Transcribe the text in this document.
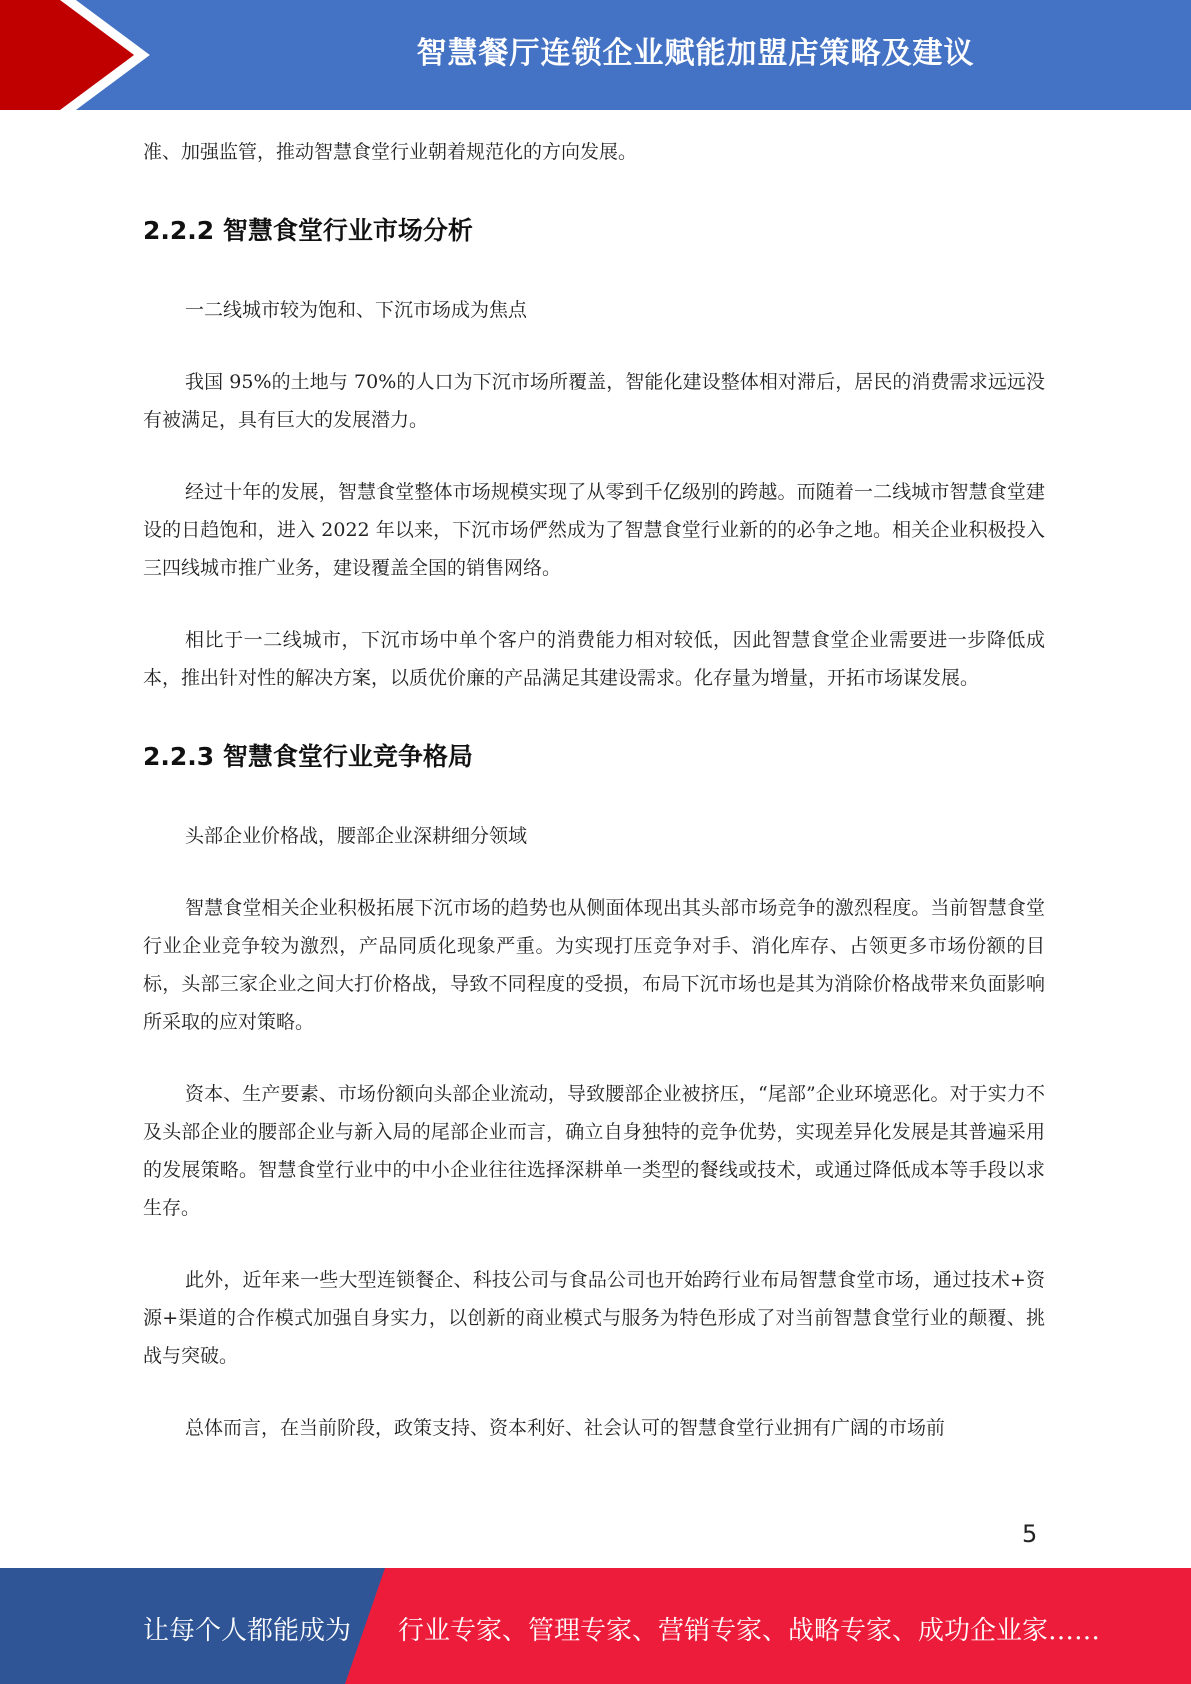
智慧餐厅连锁企业赋能加盟店策略及建议

准、加强监管，推动智慧食堂行业朝着规范化的方向发展。

2.2.2 智慧食堂行业市场分析

一二线城市较为饱和、下沉市场成为焦点

我国 95%的土地与 70%的人口为下沉市场所覆盖，智能化建设整体相对滞后，居民的消费需求远远没有被满足，具有巨大的发展潜力。

经过十年的发展，智慧食堂整体市场规模实现了从零到千亿级别的跨越。而随着一二线城市智慧食堂建设的日趋饱和，进入 2022 年以来，下沉市场俨然成为了智慧食堂行业新的的必争之地。相关企业积极投入三四线城市推广业务，建设覆盖全国的销售网络。

相比于一二线城市，下沉市场中单个客户的消费能力相对较低，因此智慧食堂企业需要进一步降低成本，推出针对性的解决方案，以质优价廉的产品满足其建设需求。化存量为增量，开拓市场谋发展。

2.2.3 智慧食堂行业竞争格局

头部企业价格战，腰部企业深耕细分领域

智慧食堂相关企业积极拓展下沉市场的趋势也从侧面体现出其头部市场竞争的激烈程度。当前智慧食堂行业企业竞争较为激烈，产品同质化现象严重。为实现打压竞争对手、消化库存、占领更多市场份额的目标，头部三家企业之间大打价格战，导致不同程度的受损，布局下沉市场也是其为消除价格战带来负面影响所采取的应对策略。

资本、生产要素、市场份额向头部企业流动，导致腰部企业被挤压，“尾部”企业环境恶化。对于实力不及头部企业的腰部企业与新入局的尾部企业而言，确立自身独特的竞争优势，实现差异化发展是其普遍采用的发展策略。智慧食堂行业中的中小企业往往选择深耕单一类型的餐线或技术，或通过降低成本等手段以求生存。

此外，近年来一些大型连锁餐企、科技公司与食品公司也开始跨行业布局智慧食堂市场，通过技术+资源+渠道的合作模式加强自身实力，以创新的商业模式与服务为特色形成了对当前智慧食堂行业的颠覆、挑战与突破。

总体而言，在当前阶段，政策支持、资本利好、社会认可的智慧食堂行业拥有广阔的市场前

5
让每个人都能成为 行业专家、管理专家、营销专家、战略专家、成功企业家……
